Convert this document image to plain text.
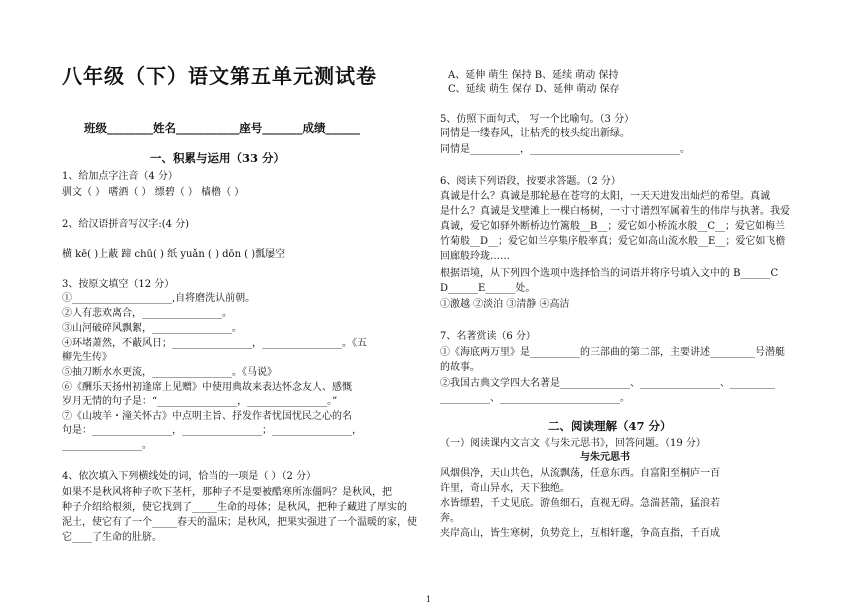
八年级（下）语文第五单元测试卷
班级________姓名___________座号_______成绩______
一、积累与运用（33 分）
1、给加点字注音（4 分）
驯文（ ） 嗜酒（ ） 缥碧（ ） 樯橹（ ）
2、给汉语拼音写汉字:(4 分)
横 kē( )上蔽 蹄 chū( ) 纸 yuǎn ( ) dōn ( )瓢屡空
3、按原文填空（12 分）
①____________________,自将磨洗认前朝。
②人有悲欢离合，________________。
③山河破碎风飘絮，________________。
④环堵萧然，不蔽风日；________________，________________。《五
柳先生传》
⑤抽刀断水水更流，________________。《马说》
⑥《酬乐天扬州初逢席上见赠》中使用典故来表达怀念友人、感慨
岁月无情的句子是：“________________，________________。”
⑦《山坡羊・潼关怀古》中点明主旨、抒发作者忧国忧民之心的名
句是：________________，________________；________________，
________________。
4、依次填入下列横线处的词，恰当的一项是（ ）（2 分）
如果不是秋风将种子吹下茎杆，那种子不是要被酷寒所冻僵吗？是秋风，把
种子介绍给根须，使它找到了_____生命的母体；是秋风，把种子藏进了厚实的
泥土，使它有了一个_____春天的温床；是秋风，把果实强进了一个温暖的家，使
它____了生命的肚脐。
A、延伸 萌生 保持 B、延续 萌动 保持
C、延续 萌生 保存 D、延伸 萌动 保存
5、仿照下面句式， 写一个比喻句。（3 分）
同情是一缕春风，让枯秃的枝头绽出新绿。
同情是__________，______________________________。
6、阅读下列语段，按要求答题。（2 分）
真诚是什么？真诚是那轮悬在苍穹的太阳，一天天进发出灿烂的希望。真诚
是什么？真诚是戈壁滩上一棵白杨树，一寸寸谱烈军属着生的伟岸与执著。我爱
真诚，爱它如驿外断桥边竹篱般__B__；爱它如小桥流水般__C__；爱它如梅兰
竹菊般__D__；爱它如兰亭集序般率真；爱它如高山流水般__E__；爱它如飞檐
回廊般玲珑……
根据语境，从下列四个选项中选择恰当的词语并将序号填入文中的 B______C
D______E______处。
①激越 ②淡泊 ③清静 ④高洁
7、名著赏读（6 分）
①《海底两万里》是__________的三部曲的第二部，主要讲述_________号潜艇
的故事。
②我国古典文学四大名著是______________、________________、_________
__________、________________________。
二、阅读理解（47 分）
（一）阅读课内文言文《与朱元思书》，回答问题。（19 分）
与朱元思书
风烟俱净，天山共色，从流飘荡，任意东西。自富阳至桐庐一百
许里，奇山异水，天下独绝。
水皆缥碧，千丈见底。游鱼细石，直视无碍。急湍甚箭，猛浪若
奔。
夹岸高山，皆生寒树，负势竞上，互相轩邈，争高直指，千百成
1
